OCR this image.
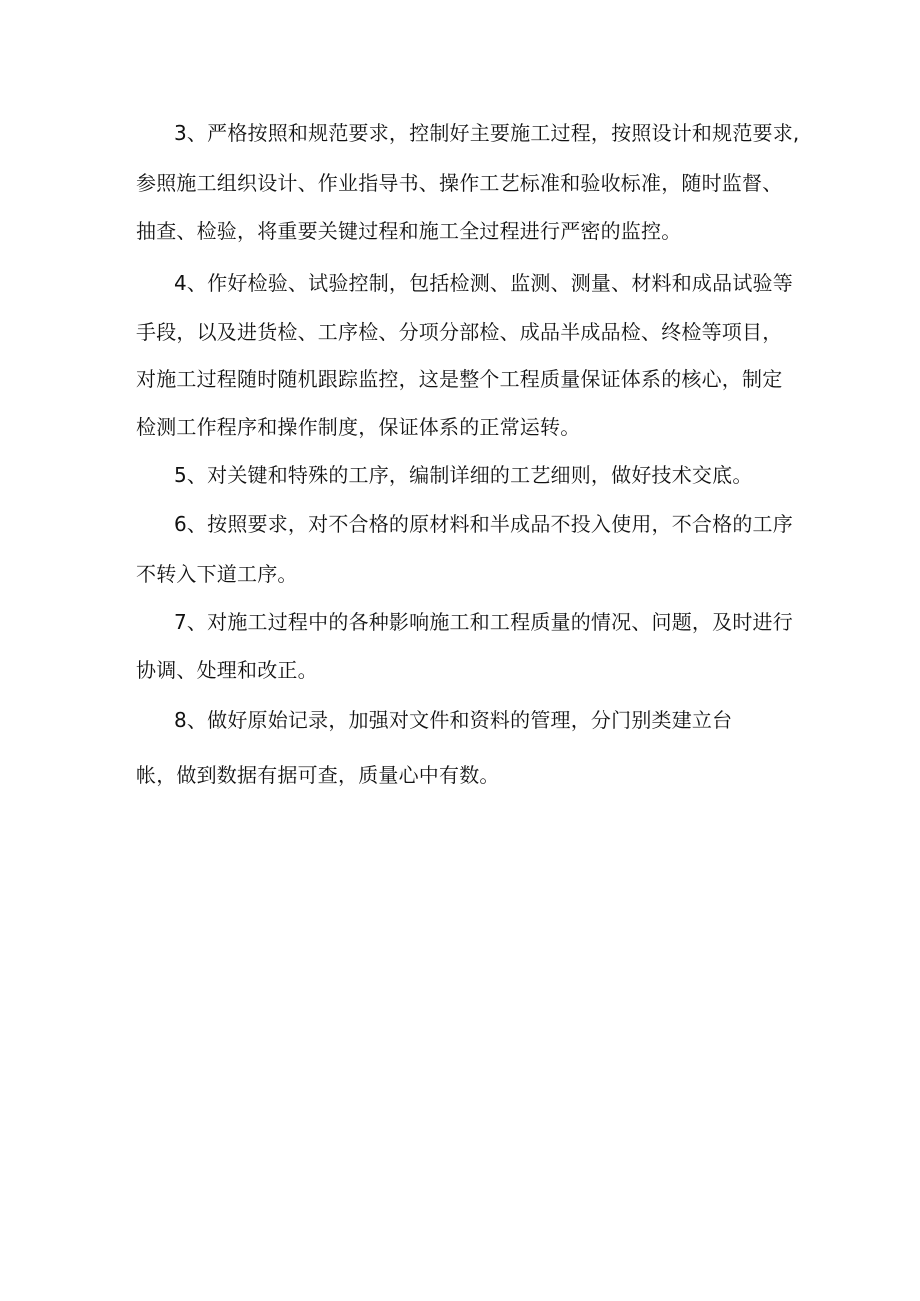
3、严格按照和规范要求，控制好主要施工过程，按照设计和规范要求,
参照施工组织设计、作业指导书、操作工艺标准和验收标准，随时监督、
抽查、检验，将重要关键过程和施工全过程进行严密的监控。
4、作好检验、试验控制，包括检测、监测、测量、材料和成品试验等
手段，以及进货检、工序检、分项分部检、成品半成品检、终检等项目，
对施工过程随时随机跟踪监控，这是整个工程质量保证体系的核心，制定
检测工作程序和操作制度，保证体系的正常运转。
5、对关键和特殊的工序，编制详细的工艺细则，做好技术交底。
6、按照要求，对不合格的原材料和半成品不投入使用，不合格的工序
不转入下道工序。
7、对施工过程中的各种影响施工和工程质量的情况、问题，及时进行
协调、处理和改正。
8、做好原始记录，加强对文件和资料的管理，分门别类建立台
帐，做到数据有据可查，质量心中有数。
